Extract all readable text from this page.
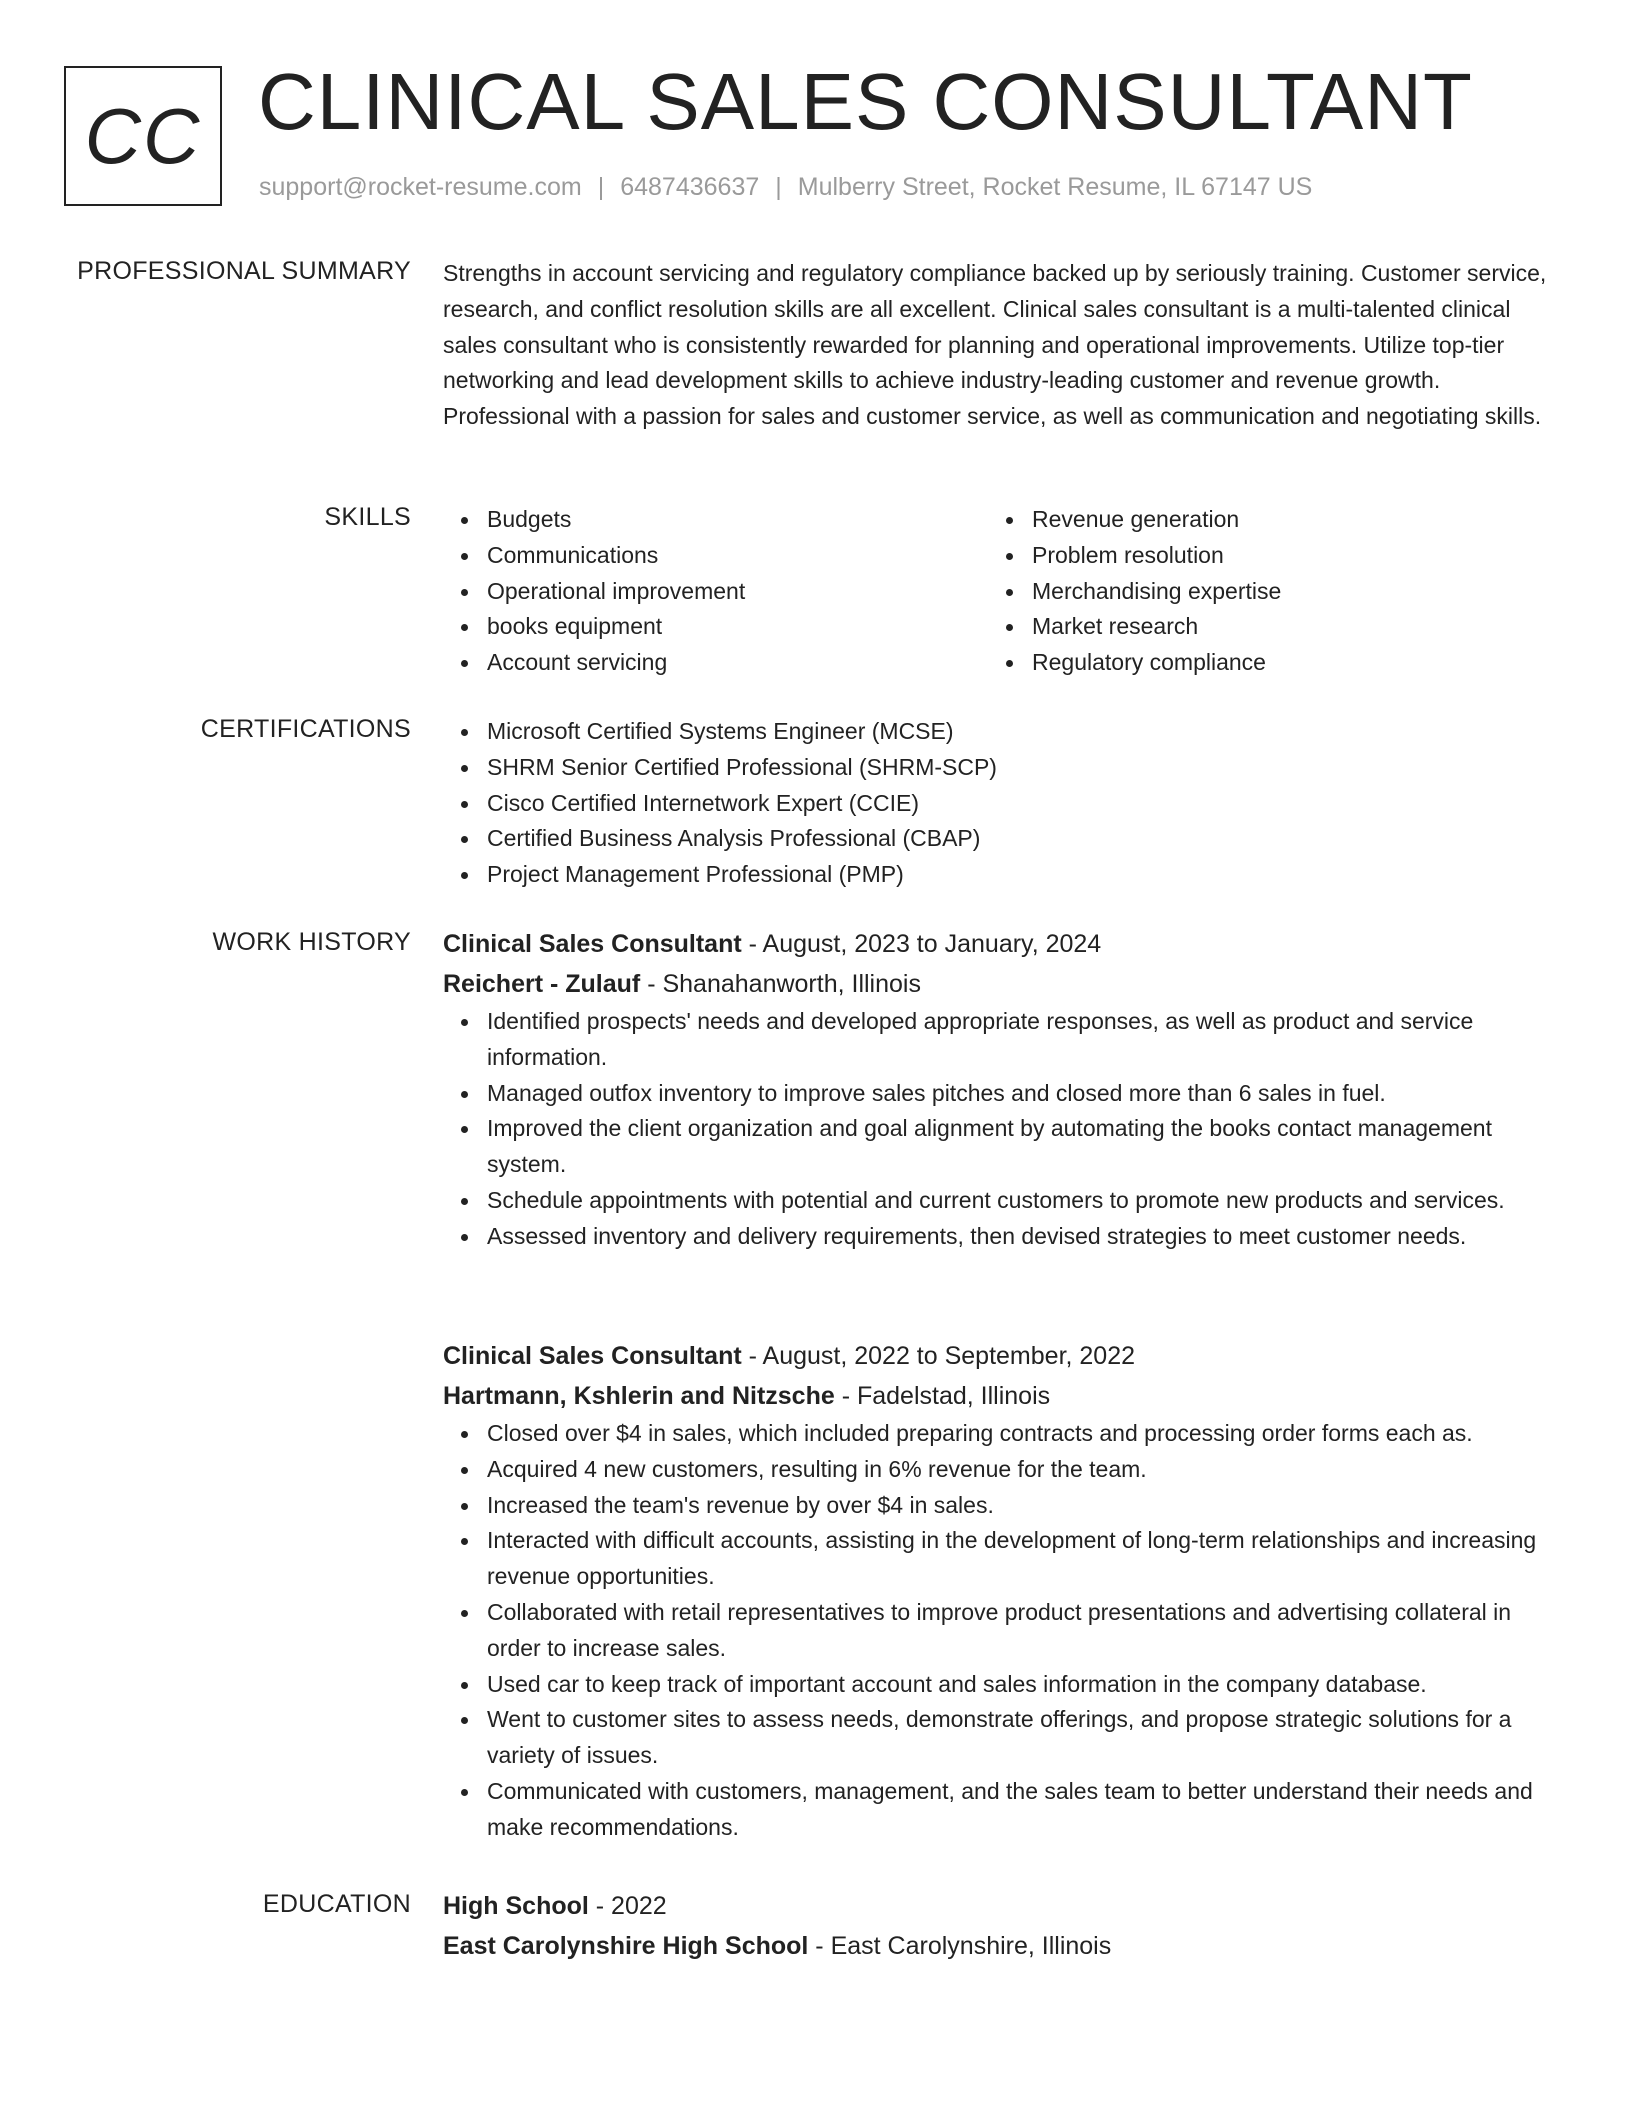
CC CLINICAL SALES CONSULTANT
support@rocket-resume.com | 6487436637 | Mulberry Street, Rocket Resume, IL 67147 US
PROFESSIONAL SUMMARY Strengths in account servicing and regulatory compliance backed up by seriously training. Customer service, research, and conflict resolution skills are all excellent. Clinical sales consultant is a multi-talented clinical sales consultant who is consistently rewarded for planning and operational improvements. Utilize top-tier networking and lead development skills to achieve industry-leading customer and revenue growth. Professional with a passion for sales and customer service, as well as communication and negotiating skills.

SKILLS	Budgets
Communications
Operational improvement
books equipment
Account servicing
Revenue generation
Problem resolution
Merchandising expertise
Market research
Regulatory compliance
CERTIFICATIONS	Microsoft Certified Systems Engineer (MCSE)
SHRM Senior Certified Professional (SHRM-SCP)
Cisco Certified Internetwork Expert (CCIE)
Certified Business Analysis Professional (CBAP)
Project Management Professional (PMP)
WORK HISTORY Clinical Sales Consultant - August, 2023 to January, 2024
Reichert - Zulauf - Shanahanworth, Illinois
Identified prospects' needs and developed appropriate responses, as well as product and service information.
Managed outfox inventory to improve sales pitches and closed more than 6 sales in fuel.
Improved the client organization and goal alignment by automating the books contact management system.
Schedule appointments with potential and current customers to promote new products and services.
Assessed inventory and delivery requirements, then devised strategies to meet customer needs.
Clinical Sales Consultant - August, 2022 to September, 2022
Hartmann, Kshlerin and Nitzsche - Fadelstad, Illinois
Closed over $4 in sales, which included preparing contracts and processing order forms each as.
Acquired 4 new customers, resulting in 6% revenue for the team.
Increased the team's revenue by over $4 in sales.
Interacted with difficult accounts, assisting in the development of long-term relationships and increasing revenue opportunities.
Collaborated with retail representatives to improve product presentations and advertising collateral in order to increase sales.
Used car to keep track of important account and sales information in the company database.
Went to customer sites to assess needs, demonstrate offerings, and propose strategic solutions for a variety of issues.
Communicated with customers, management, and the sales team to better understand their needs and make recommendations.
EDUCATION High School - 2022
East Carolynshire High School - East Carolynshire, Illinois
